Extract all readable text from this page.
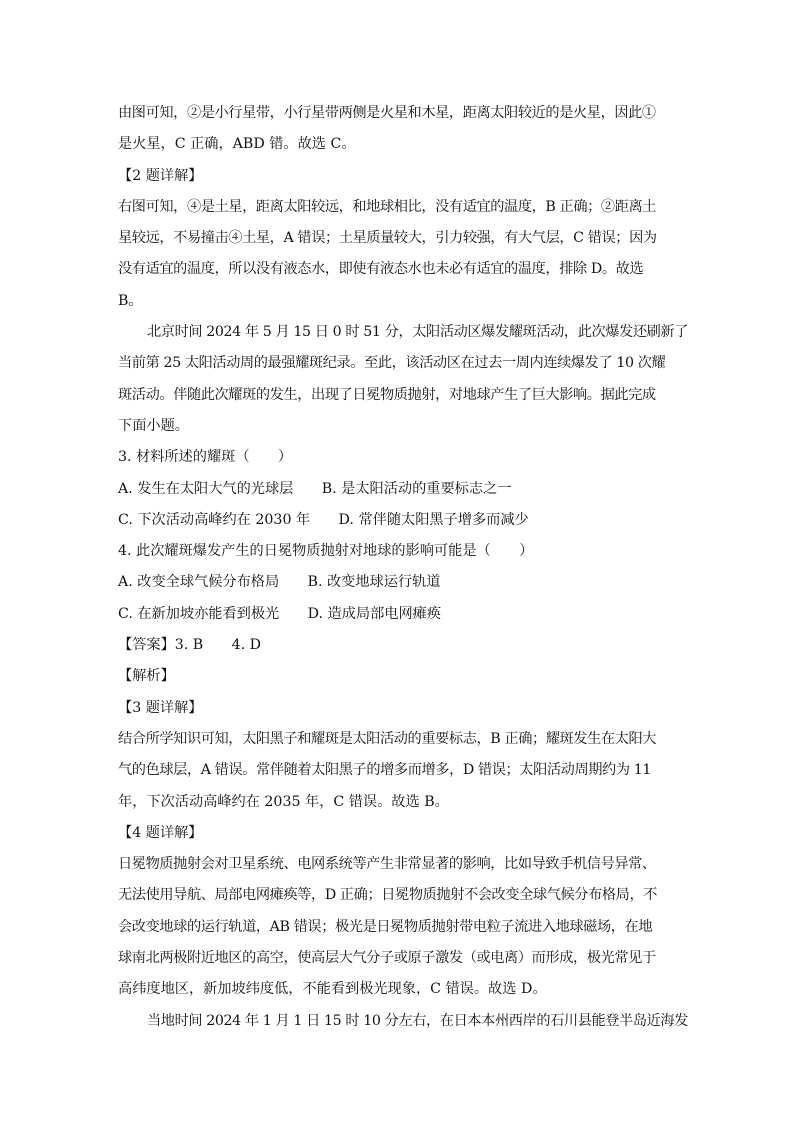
由图可知，②是小行星带，小行星带两侧是火星和木星，距离太阳较近的是火星，因此①
是火星，C 正确，ABD 错。故选 C。
【2 题详解】
右图可知，④是土星，距离太阳较远，和地球相比，没有适宜的温度，B 正确；②距离土
星较远，不易撞击④土星，A 错误；土星质量较大，引力较强，有大气层，C 错误；因为
没有适宜的温度，所以没有液态水，即使有液态水也未必有适宜的温度，排除 D。故选
B。
北京时间 2024 年 5 月 15 日 0 时 51 分，太阳活动区爆发耀斑活动，此次爆发还刷新了
当前第 25 太阳活动周的最强耀斑纪录。至此，该活动区在过去一周内连续爆发了 10 次耀
斑活动。伴随此次耀斑的发生，出现了日冕物质抛射，对地球产生了巨大影响。据此完成
下面小题。
3. 材料所述的耀斑（　　）
A. 发生在太阳大气的光球层　　B. 是太阳活动的重要标志之一
C. 下次活动高峰约在 2030 年　　D. 常伴随太阳黑子增多而减少
4. 此次耀斑爆发产生的日冕物质抛射对地球的影响可能是（　　）
A. 改变全球气候分布格局　　B. 改变地球运行轨道
C. 在新加坡亦能看到极光　　D. 造成局部电网瘫痪
【答案】3. B　　4. D
【解析】
【3 题详解】
结合所学知识可知，太阳黑子和耀斑是太阳活动的重要标志，B 正确；耀斑发生在太阳大
气的色球层，A 错误。常伴随着太阳黑子的增多而增多，D 错误；太阳活动周期约为 11
年，下次活动高峰约在 2035 年，C 错误。故选 B。
【4 题详解】
日冕物质抛射会对卫星系统、电网系统等产生非常显著的影响，比如导致手机信号异常、
无法使用导航、局部电网瘫痪等，D 正确；日冕物质抛射不会改变全球气候分布格局，不
会改变地球的运行轨道，AB 错误；极光是日冕物质抛射带电粒子流进入地球磁场，在地
球南北两极附近地区的高空，使高层大气分子或原子激发（或电离）而形成，极光常见于
高纬度地区，新加坡纬度低，不能看到极光现象，C 错误。故选 D。
当地时间 2024 年 1 月 1 日 15 时 10 分左右，在日本本州西岸的石川县能登半岛近海发
